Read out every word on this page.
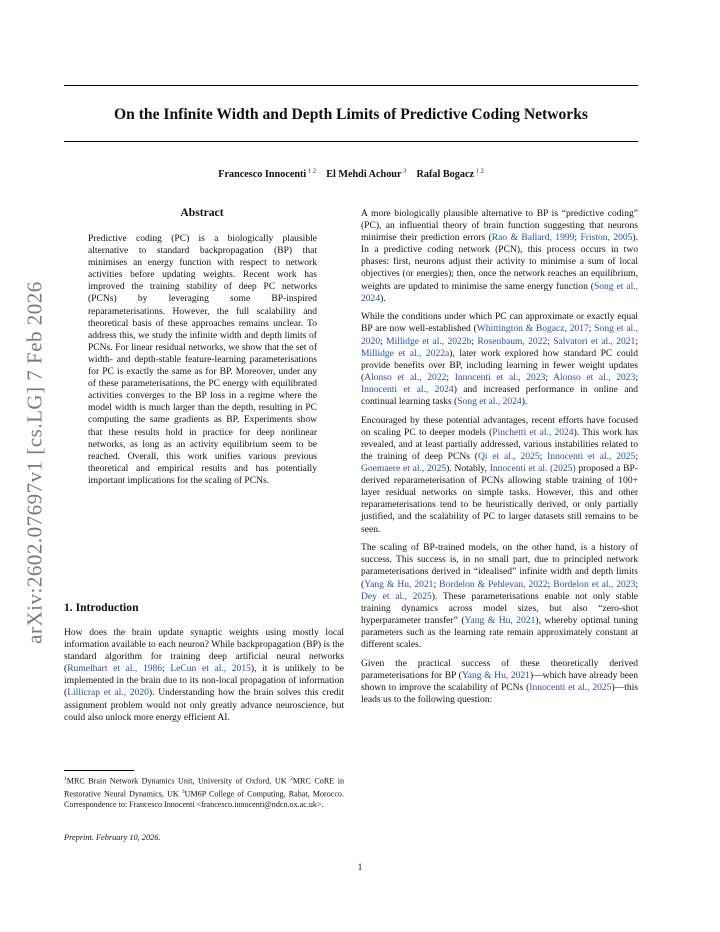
arXiv:2602.07697v1 [cs.LG] 7 Feb 2026
On the Infinite Width and Depth Limits of Predictive Coding Networks
Francesco Innocenti $^{1 2}$  El Mehdi Achour $^3$  Rafal Bogacz $^{1 2}$
Abstract
Predictive coding (PC) is a biologically plausible alternative to standard backpropagation (BP) that minimises an energy function with respect to network activities before updating weights. Recent work has improved the training stability of deep PC networks (PCNs) by leveraging some BP-inspired reparameterisations. However, the full scalability and theoretical basis of these approaches remains unclear. To address this, we study the infinite width and depth limits of PCNs. For linear residual networks, we show that the set of width- and depth-stable feature-learning parameterisations for PC is exactly the same as for BP. Moreover, under any of these parameterisations, the PC energy with equilibrated activities converges to the BP loss in a regime where the model width is much larger than the depth, resulting in PC computing the same gradients as BP. Experiments show that these results hold in practice for deep nonlinear networks, as long as an activity equilibrium seem to be reached. Overall, this work unifies various previous theoretical and empirical results and has potentially important implications for the scaling of PCNs.
1. Introduction
How does the brain update synaptic weights using mostly local information available to each neuron? While backpropagation (BP) is the standard algorithm for training deep artificial neural networks (Rumelhart et al., 1986; LeCun et al., 2015), it is unlikely to be implemented in the brain due to its non-local propagation of information (Lillicrap et al., 2020). Understanding how the brain solves this credit assignment problem would not only greatly advance neuroscience, but could also unlock more energy efficient AI.
$^1$MRC Brain Network Dynamics Unit, University of Oxford, UK $^2$MRC CoRE in Restorative Neural Dynamics, UK $^3$UM6P College of Computing, Rabat, Morocco. Correspondence to: Francesco Innocenti <francesco.innocenti@ndcn.ox.ac.uk>.
Preprint. February 10, 2026.

A more biologically plausible alternative to BP is “predictive coding” (PC), an influential theory of brain function suggesting that neurons minimise their prediction errors (Rao & Ballard, 1999; Friston, 2005). In a predictive coding network (PCN), this process occurs in two phases: first, neurons adjust their activity to minimise a sum of local objectives (or energies); then, once the network reaches an equilibrium, weights are updated to minimise the same energy function (Song et al., 2024).

While the conditions under which PC can approximate or exactly equal BP are now well-established (Whittington & Bogacz, 2017; Song et al., 2020; Millidge et al., 2022b; Rosenbaum, 2022; Salvatori et al., 2021; Millidge et al., 2022a), later work explored how standard PC could provide benefits over BP, including learning in fewer weight updates (Alonso et al., 2022; Innocenti et al., 2023; Alonso et al., 2023; Innocenti et al., 2024) and increased performance in online and continual learning tasks (Song et al., 2024).

Encouraged by these potential advantages, recent efforts have focused on scaling PC to deeper models (Pinchetti et al., 2024). This work has revealed, and at least partially addressed, various instabilities related to the training of deep PCNs (Qi et al., 2025; Innocenti et al., 2025; Goemaere et al., 2025). Notably, Innocenti et al. (2025) proposed a BP-derived reparameterisation of PCNs allowing stable training of 100+ layer residual networks on simple tasks. However, this and other reparameterisations tend to be heuristically derived, or only partially justified, and the scalability of PC to larger datasets still remains to be seen.

The scaling of BP-trained models, on the other hand, is a history of success. This success is, in no small part, due to principled network parameterisations derived in “idealised” infinite width and depth limits (Yang & Hu, 2021; Bordelon & Pehlevan, 2022; Bordelon et al., 2023; Dey et al., 2025). These parameterisations enable not only stable training dynamics across model sizes, but also “zero-shot hyperparameter transfer” (Yang & Hu, 2021), whereby optimal tuning parameters such as the learning rate remain approximately constant at different scales.

Given the practical success of these theoretically derived parameterisations for BP (Yang & Hu, 2021)—which have already been shown to improve the scalability of PCNs (Innocenti et al., 2025)—this leads us to the following question:

1
